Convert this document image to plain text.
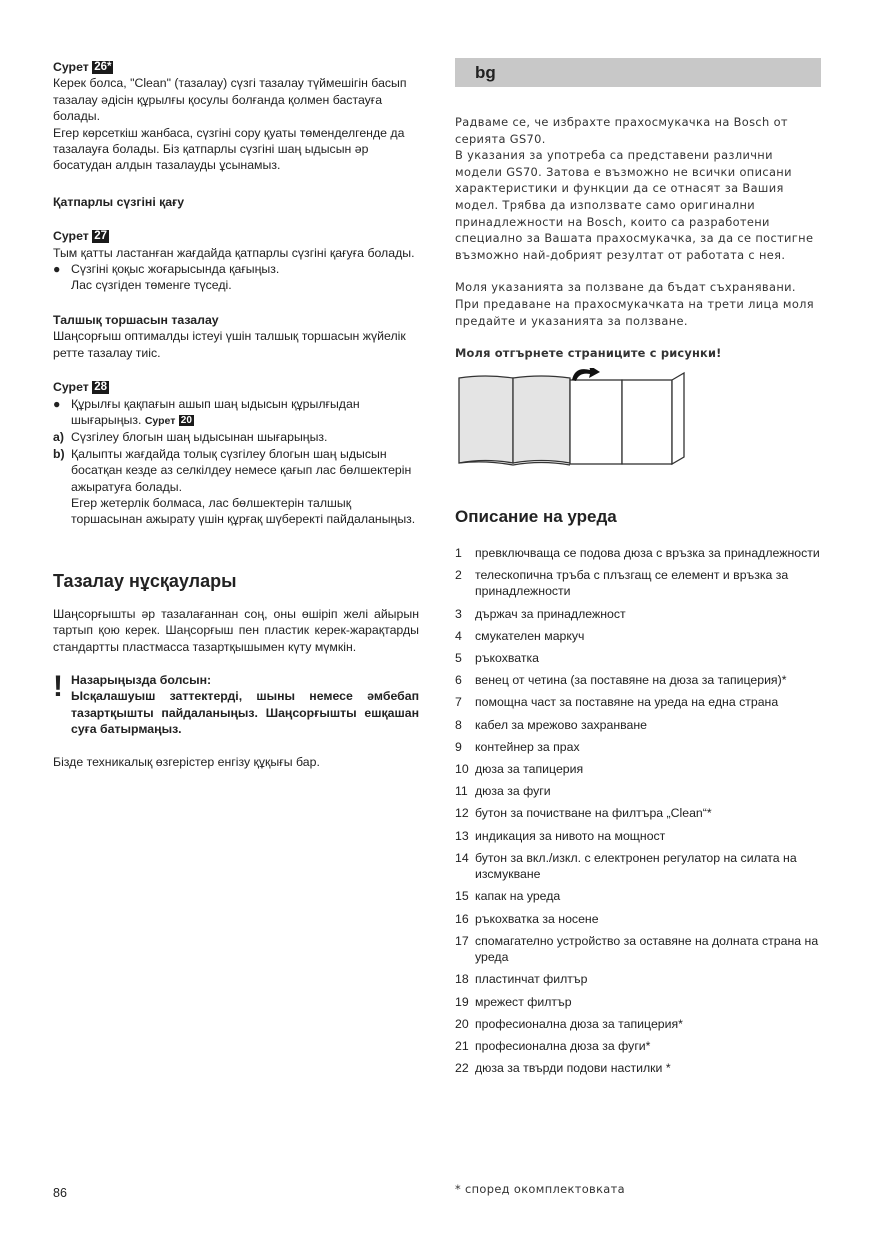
Сурет 26*

Керек болса, "Clean" (тазалау) сүзгі тазалау түймешігін басып тазалау әдісін құрылғы қосулы болғанда қолмен бастауға болады.

Егер көрсеткіш жанбаса, сүзгіні сору қуаты төменделгенде да тазалауға болады. Біз қатпарлы сүзгіні шаң ыдысын әр босатудан алдын тазалауды ұсынамыз.

Қатпарлы сүзгіні қағу

Сурет 27

Тым қатты ластанған жағдайда қатпарлы сүзгіні қағуға болады.

● Сүзгіні қоқыс жоғарысында қағыңыз.

Лас сүзгіден төменге түседі.

Талшық торшасын тазалау

Шаңсорғыш оптималды істеуі үшін талшық торшасын жүйелік ретте тазалау тиіс.

Сурет 28

● Құрылғы қақпағын ашып шаң ыдысын құрылғыдан шығарыңыз. Сурет 20

a) Сүзгілеу блогын шаң ыдысынан шығарыңыз.

b) Қалыпты жағдайда толық сүзгілеу блогын шаң ыдысын босатқан кезде аз селкілдеу немесе қағып лас бөлшектерін ажыратуға болады.

Егер жетерлік болмаса, лас бөлшектерін талшық торшасынан ажырату үшін құрғақ шүберекті пайдаланыңыз.

Тазалау нұсқаулары

Шаңсорғышты әр тазалағаннан соң, оны өшіріп желі айырын тартып қою керек. Шаңсорғыш пен пластик керек-жарақтарды стандартты пластмасса тазартқышымен күту мүмкін.

! Назарыңызда болсын:

Ысқалашуыш заттектерді, шыны немесе әмбебап тазартқышты пайдаланыңыз. Шаңсорғышты ешқашан суға батырмаңыз.

Бізде техникалық өзгерістер енгізу құқығы бар.

86
bg

Радваме се, че избрахте прахосмукачка на Bosch от серията GS70.

В указания за употреба са представени различни модели GS70. Затова е възможно не всички описани характеристики и функции да се отнасят за Вашия модел. Трябва да използвате само оригинални принадлежности на Bosch, които са разработени специално за Вашата прахосмукачка, за да се постигне възможно най-добрият резултат от работата с нея.

Моля указанията за ползване да бъдат съхранявани. При предаване на прахосмукачката на трети лица моля предайте и указанията за ползване.

Моля отгърнете страниците с рисунки!

Описание на уреда
1	превключваща се подова дюза с връзка за принадлежности
2	телескопична тръба с плъзгащ се елемент и връзка за принадлежности
3	държач за принадлежност
4	смукателен маркуч
5	ръкохватка
6	венец от четина (за поставяне на дюза за тапицерия)*
7	помощна част за поставяне на уреда на една страна
8	кабел за мрежово захранване
9	контейнер за прах
10 дюза за тапицерия
11 дюза за фуги
12 бутон за почистване на филтъра „Clean“*
13 индикация за нивото на мощност
14 бутон за вкл./изкл. с електронен регулатор на силата на изсмукване
15 капак на уреда
16 ръкохватка за носене
17 спомагателно устройство за оставяне на долната страна на уреда
18 пластинчат филтър
19 мрежест филтър
20 професионална дюза за тапицерия*
21 професионална дюза за фуги*
22 дюза за твърди подови настилки *
* според окомплектовката
